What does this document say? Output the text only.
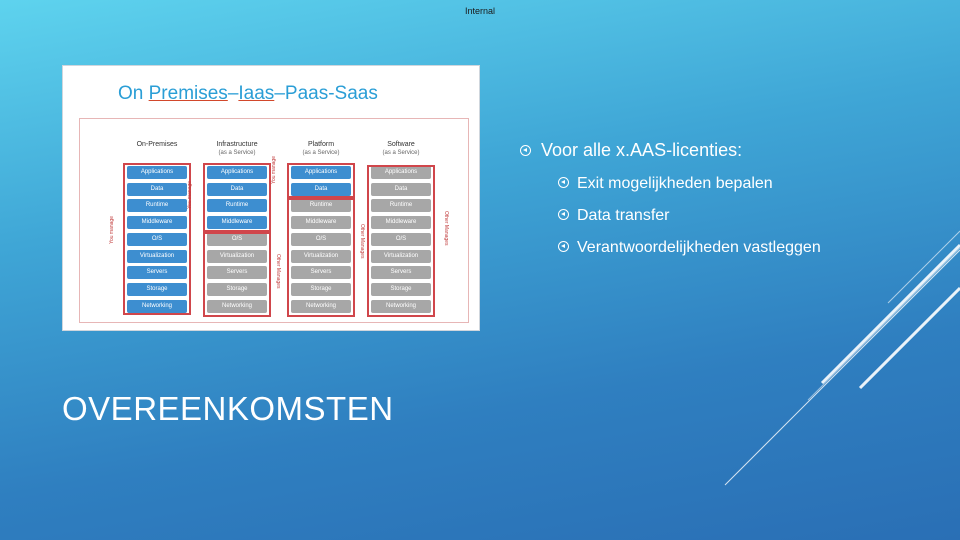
Internal
On Premises–Iaas–Paas-Saas
On-Premises
Applications
Data
Runtime
Middleware
O/S
Virtualization
Servers
Storage
Networking
Infrastructure
(as a Service)
Applications
Data
Runtime
Middleware
O/S
Virtualization
Servers
Storage
Networking
Platform
(as a Service)
Applications
Data
Runtime
Middleware
O/S
Virtualization
Servers
Storage
Networking
Software
(as a Service)
Applications
Data
Runtime
Middleware
O/S
Virtualization
Servers
Storage
Networking
You manage
You manage
You manage
Other Manages
Other Manages	Other Manages
OVEREENKOMSTEN
Voor alle x.AAS-licenties:
Exit mogelijkheden bepalen
Data transfer
Verantwoordelijkheden vastleggen
